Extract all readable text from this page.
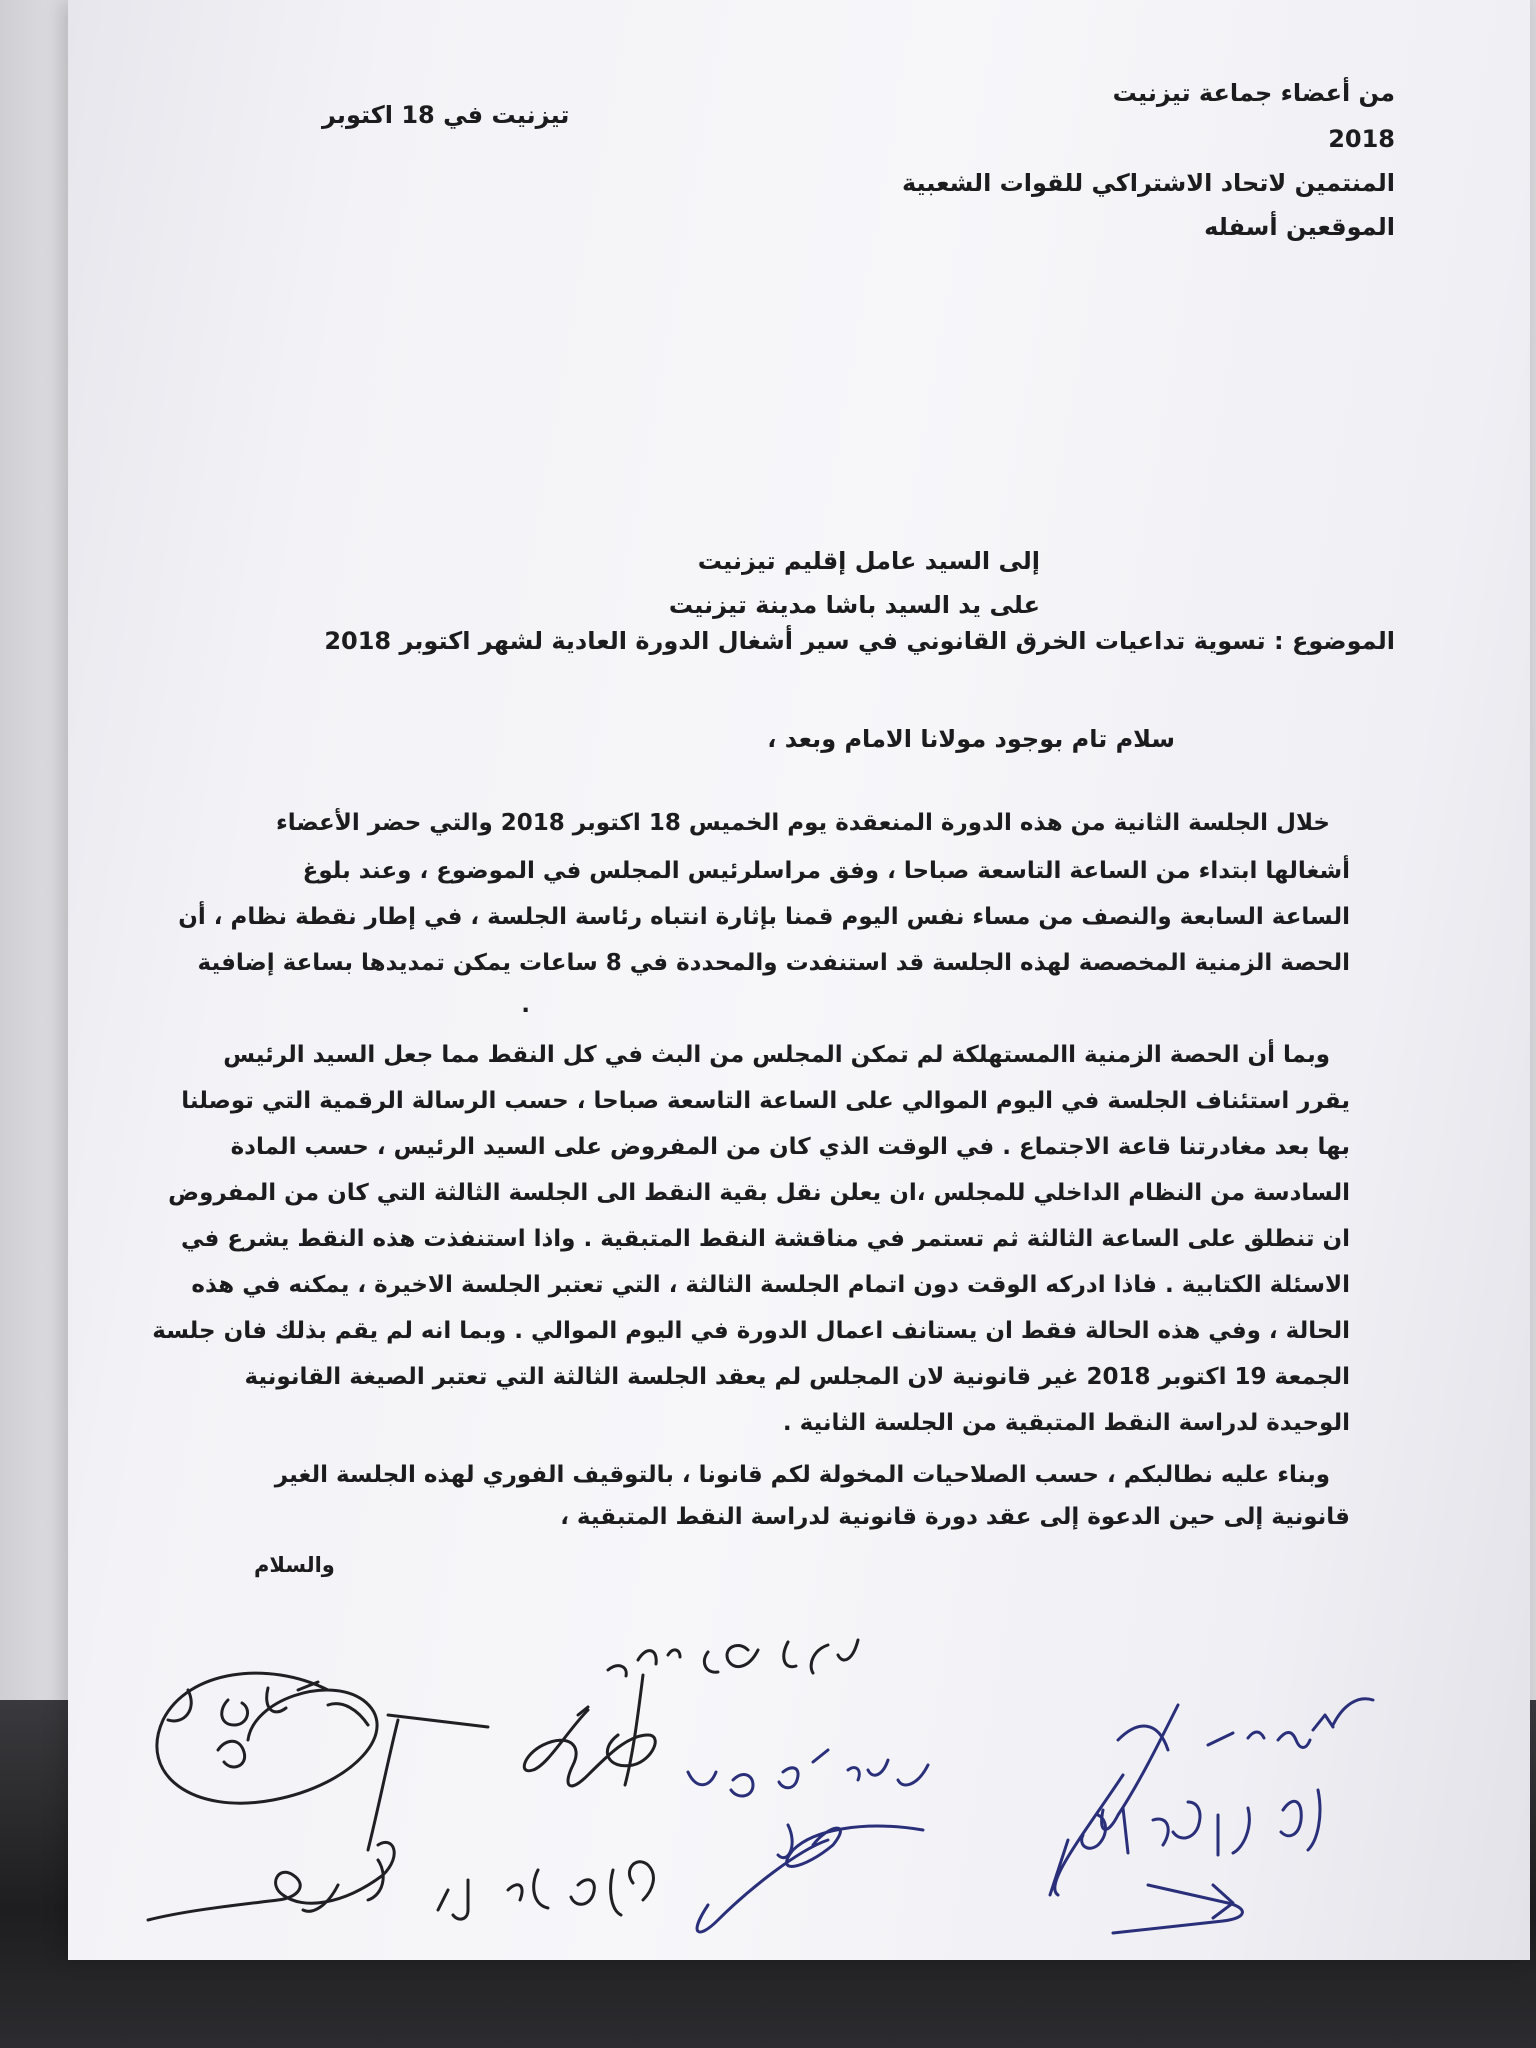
من أعضاء جماعة تيزنيت
2018
المنتمين لاتحاد الاشتراكي للقوات الشعبية
الموقعين أسفله
تيزنيت في 18 اكتوبر
إلى السيد عامل إقليم تيزنيت
على يد السيد باشا مدينة تيزنيت
الموضوع : تسوية تداعيات الخرق القانوني في سير أشغال الدورة العادية لشهر اكتوبر 2018
سلام تام بوجود مولانا الامام وبعد ،
خلال الجلسة الثانية من هذه الدورة المنعقدة يوم الخميس 18 اكتوبر 2018 والتي حضر الأعضاء
أشغالها ابتداء من الساعة التاسعة صباحا ، وفق مراسلرئيس المجلس في الموضوع ، وعند بلوغ
الساعة السابعة والنصف من مساء نفس اليوم قمنا بإثارة انتباه رئاسة الجلسة ، في إطار نقطة نظام ، أن
الحصة الزمنية المخصصة لهذه الجلسة قد استنفدت والمحددة في 8 ساعات يمكن تمديدها بساعة إضافية
.
وبما أن الحصة الزمنية االمستهلكة لم تمكن المجلس من البث في كل النقط مما جعل السيد الرئيس
يقرر استئناف الجلسة في اليوم الموالي على الساعة التاسعة صباحا ، حسب الرسالة الرقمية التي توصلنا
بها بعد مغادرتنا قاعة الاجتماع . في الوقت الذي كان من المفروض على السيد الرئيس ، حسب المادة
السادسة من النظام الداخلي للمجلس ،ان يعلن نقل بقية النقط الى الجلسة الثالثة التي كان من المفروض
ان تنطلق على الساعة الثالثة ثم تستمر في مناقشة النقط المتبقية . واذا استنفذت هذه النقط يشرع في
الاسئلة الكتابية . فاذا ادركه الوقت دون اتمام الجلسة الثالثة ، التي تعتبر الجلسة الاخيرة ، يمكنه في هذه
الحالة ، وفي هذه الحالة فقط ان يستانف اعمال الدورة في اليوم الموالي . وبما انه لم يقم بذلك فان جلسة
الجمعة 19 اكتوبر 2018 غير قانونية لان المجلس لم يعقد الجلسة الثالثة التي تعتبر الصيغة القانونية
الوحيدة لدراسة النقط المتبقية من الجلسة الثانية .
وبناء عليه نطالبكم ، حسب الصلاحيات المخولة لكم قانونا ، بالتوقيف الفوري لهذه الجلسة الغير
قانونية إلى حين الدعوة إلى عقد دورة قانونية لدراسة النقط المتبقية ،
والسلام
